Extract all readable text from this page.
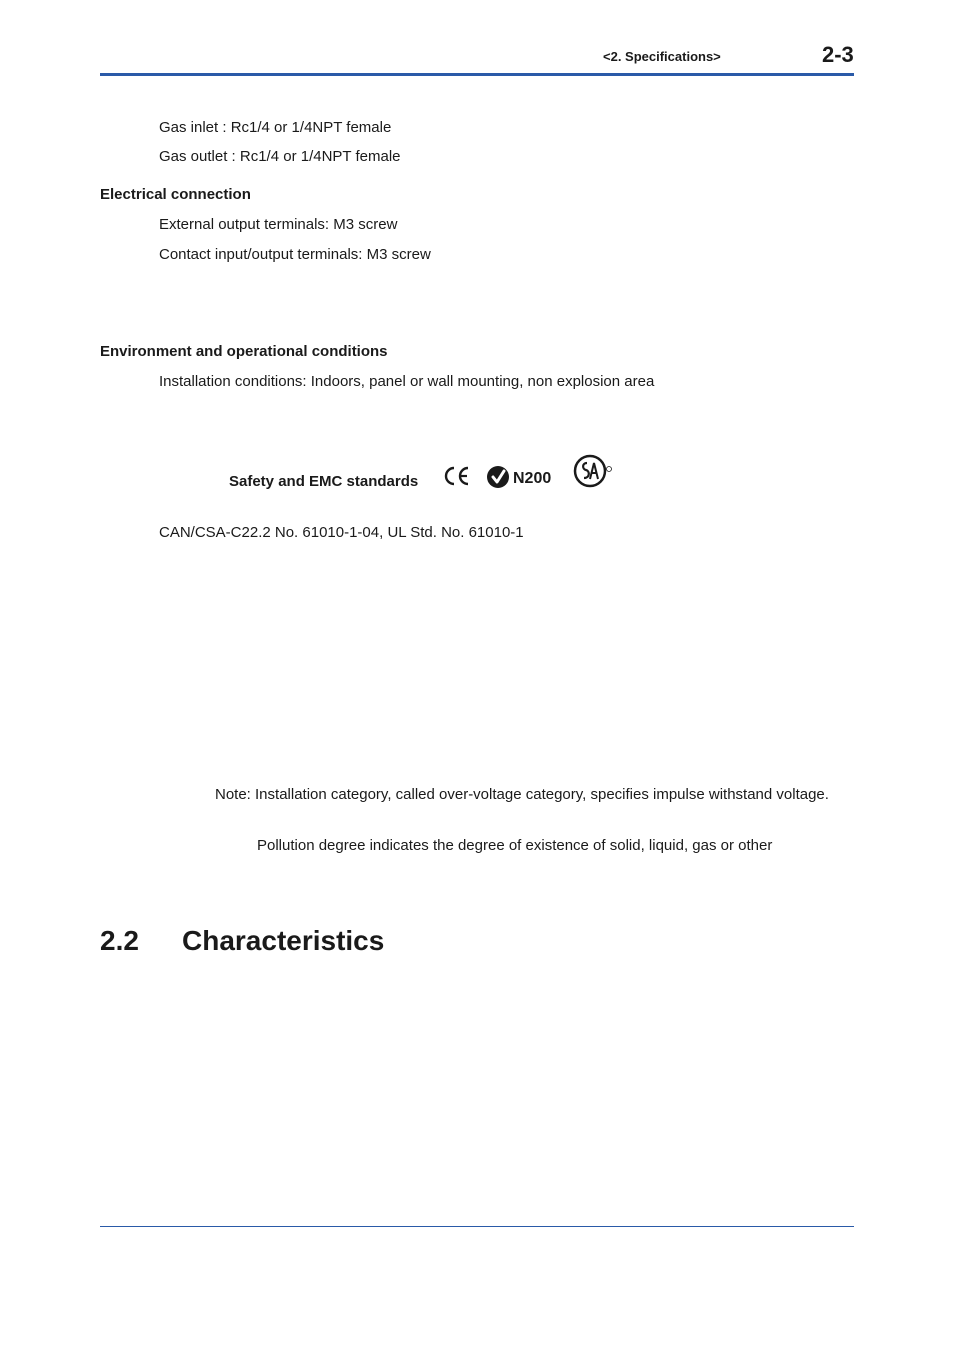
<2. Specifications>	2-3
Gas inlet : Rc1/4 or 1/4NPT female
Gas outlet : Rc1/4 or 1/4NPT female
Electrical connection
External output terminals: M3 screw
Contact input/output terminals: M3 screw
Environment and operational conditions
Installation conditions: Indoors, panel or wall mounting, non explosion area
Safety and EMC standards	N200
CAN/CSA-C22.2 No. 61010-1-04, UL Std. No. 61010-1
Note: Installation category, called over-voltage category, specifies impulse withstand voltage.
Pollution degree indicates the degree of existence of solid, liquid, gas or other
2.2 Characteristics
